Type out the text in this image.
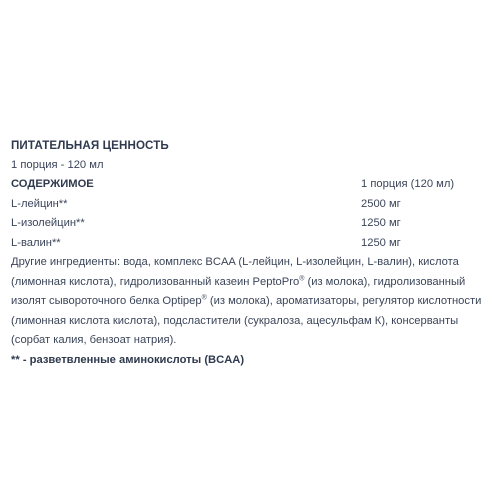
ПИТАТЕЛЬНАЯ ЦЕННОСТЬ
1 порция - 120 мл
СОДЕРЖИМОЕ	1 порция (120 мл)
L-лейцин**	2500 мг
L-изолейцин**	1250 мг
L-валин**	1250 мг

Другие ингредиенты: вода, комплекс BCAA (L-лейцин, L-изолейцин, L-валин), кислота (лимонная кислота), гидролизованный казеин PeptoPro® (из молока), гидролизованный изолят сывороточного белка Optipep® (из молока), ароматизаторы, регулятор кислотности (лимонная кислота кислота), подсластители (сукралоза, ацесульфам К), консерванты (сорбат калия, бензоат натрия).

** - разветвленные аминокислоты (BCAA)
